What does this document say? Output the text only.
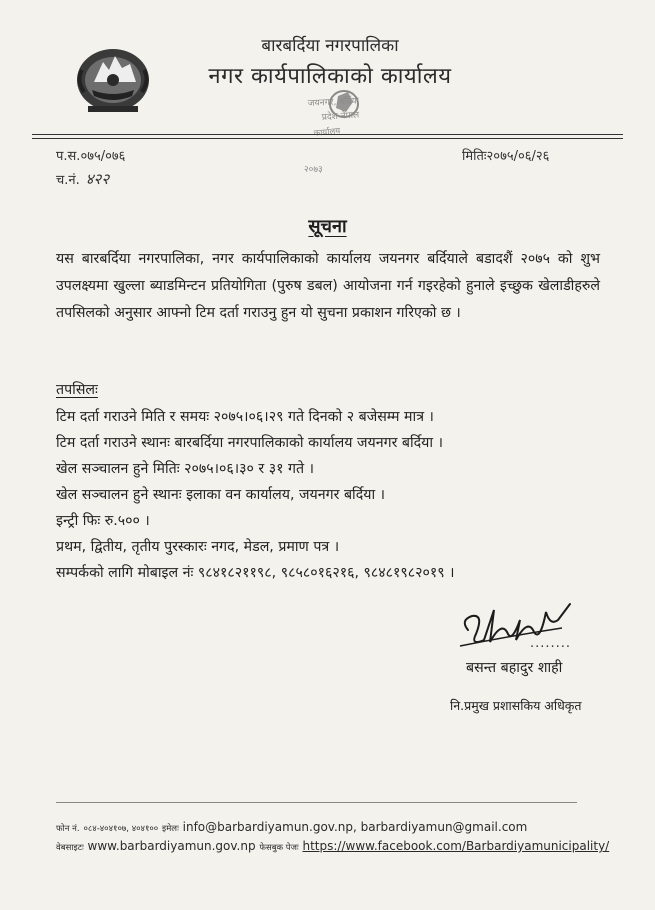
बारबर्दिया नगरपालिका
नगर कार्यपालिकाको कार्यालय
जयनगर, बर्दिया
प्रदेश नेपाल
कार्यालय
२०७३
प.स.०७५/०७६
च.नं. ४२२
मितिः२०७५/०६/२६
सूचना
यस बारबर्दिया नगरपालिका, नगर कार्यपालिकाको कार्यालय जयनगर बर्दियाले बडादशैं २०७५ को शुभ उपलक्ष्यमा खुल्ला ब्याडमिन्टन प्रतियोगिता (पुरुष डबल) आयोजना गर्न गइरहेको हुनाले इच्छुक खेलाडीहरुले तपसिलको अनुसार आफ्नो टिम दर्ता गराउनु हुन यो सुचना प्रकाशन गरिएको छ ।
तपसिलः
टिम दर्ता गराउने मिति र समयः २०७५।०६।२९ गते दिनको २ बजेसम्म मात्र ।
टिम दर्ता गराउने स्थानः बारबर्दिया नगरपालिकाको कार्यालय जयनगर बर्दिया ।
खेल सञ्चालन हुने मितिः २०७५।०६।३० र ३१ गते ।
खेल सञ्चालन हुने स्थानः इलाका वन कार्यालय, जयनगर बर्दिया ।
इन्ट्री फिः रु.५०० ।
प्रथम, द्वितीय, तृतीय पुरस्कारः नगद, मेडल, प्रमाण पत्र ।
सम्पर्कको लागि मोबाइल नंः ९८४१८२११९८, ९८५८०१६२१६, ९८४८१९८२०१९ ।
........
बसन्त बहादुर शाही
नि.प्रमुख प्रशासकिय अधिकृत
फोन नं. ०८४-४०४१०७, ४०४१०० इमेलः info@barbardiyamun.gov.np, barbardiyamun@gmail.com
वेबसाइटः www.barbardiyamun.gov.np फेसबुक पेजः https://www.facebook.com/Barbardiyamunicipality/
